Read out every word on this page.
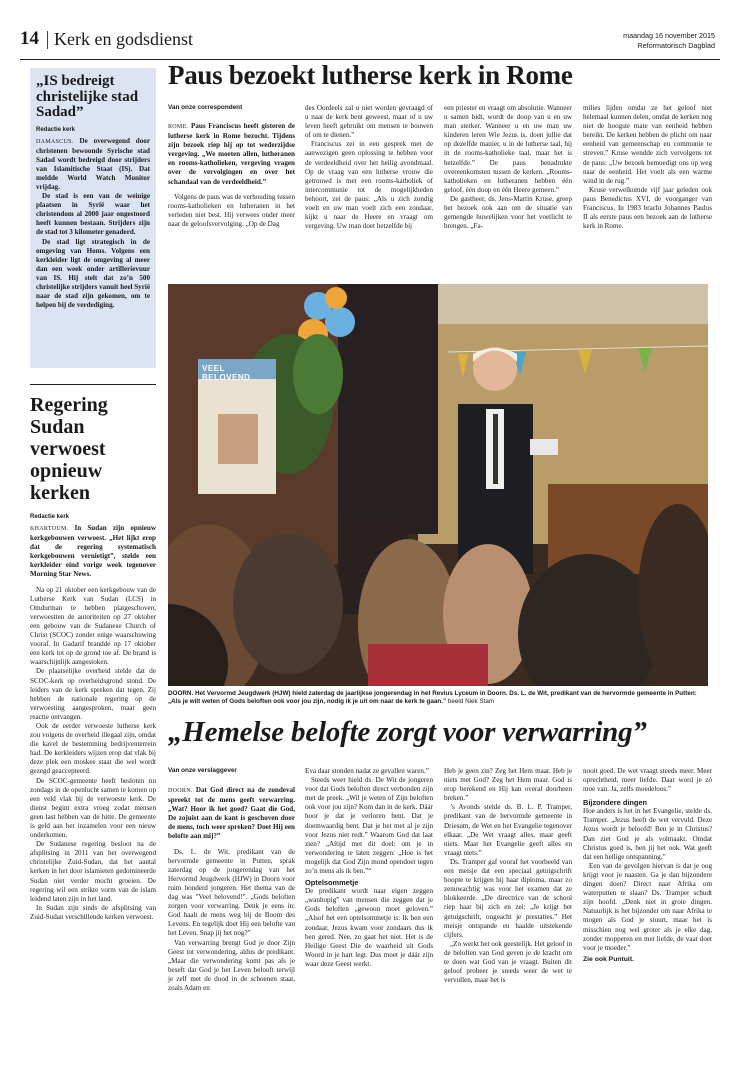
14 Kerk en godsdienst	maandag 16 november 2015
Reformatorisch Dagblad
„IS bedreigt christelijke stad Sadad”
Redactie kerk

DAMASCUS. De overwegend door christenen bewoonde Syrische stad Sadad wordt bedreigd door strijders van Islamitische Staat (IS). Dat meldde World Watch Monitor vrijdag.

De stad is een van de weinige plaatsen in Syrië waar het christendom al 2000 jaar ongestoord heeft kunnen bestaan. Strijders zijn de stad tot 3 kilometer genaderd.

De stad ligt strategisch in de omgeving van Homs. Volgens een kerkleider ligt de omgeving al meer dan een week onder artillerievuur van IS. Hij stelt dat zo’n 500 christelijke strijders vanuit heel Syrië naar de stad zijn gekomen, om te helpen bij de verdediging.

Regering Sudan verwoest opnieuw kerken
Redactie kerk

KHARTOUM. In Sudan zijn opnieuw kerkgebouwen verwoest. „Het lijkt erop dat de regering systematisch kerkgebouwen vernietigt”, stelde een kerkleider eind vorige week tegenover Morning Star News.

Na op 21 oktober een kerkgebouw van de Lutherse Kerk van Sudan (LCS) in Omdurman te hebben platgeschoven, verwoestten de autoriteiten op 27 oktober een gebouw van de Sudanese Church of Christ (SCOC) zonder enige waarschuwing vooraf. In Gadarif brandde op 17 oktober een kerk tot op de grond toe af. De brand is waarschijnlijk aangestoken.

De plaatselijke overheid stelde dat de SCOC-kerk op overheidsgrond stond. De leiders van de kerk spreken dat tegen. Zij hebben de nationale regering op de verwoesting aangesproken, maar geen reactie ontvangen.

Ook de eerder verwoeste lutherse kerk zou volgens de overheid illegaal zijn, omdat die kavel de bestemming bedrijventerrein had. De kerkleiders wijzen erop dat vlak bij deze plek een moskee staat die wel wordt gezegd geaccepteerd.

De SCOC-gemeente heeft besloten nu zondags in de openlucht samen te komen op een veld vlak bij de verwoeste kerk. De dienst begint extra vroeg zodat mensen geen last hebben van de hitte. De gemeente is geld aan het inzamelen voor een nieuw onderkomen.

De Sudanese regering besloot na de afsplitsing in 2011 van het overwegend christelijke Zuid-Sudan, dat het aantal kerken in het door islamieten gedomineerde Sudan niet verder mocht groeien. De regering wil een strikte vorm van de islam leidend laten zijn in het land.

In Sudan zijn sinds de afsplitsing van Zuid-Sudan verschillende kerken verwoest.

Paus bezoekt lutherse kerk in Rome
Van onze correspondent

ROME. Paus Franciscus heeft gisteren de lutherse kerk in Rome bezocht. Tijdens zijn bezoek riep hij op tot wederzijdse vergeving. „We moeten allen, lutheranen en rooms-katholieken, vergeving vragen over de vervolgingen en over het schandaal van de verdeeldheid.”

Volgens de paus was de verhouding tussen rooms-katholieken en lutheranen in het verleden niet best. Hij verwees onder meer naar de geloofsvervolging. „Op de Dag

des Oordeels zal u niet worden gevraagd of u naar de kerk bent geweest, maar of u uw leven heeft gebruikt om mensen te bouwen of om te dienen.”

Franciscus zei in een gesprek met de aanwezigen geen oplossing te hebben voor de verdeeldheid over het heilig avondmaal. Op de vraag van een lutherse vrouw die getrouwd is met een rooms-katholiek of intercommunie tot de mogelijkheden behoort, zei de paus: „Als u zich zondig voelt en uw man voelt zich een zondaar, kijkt u naar de Heere en vraagt om vergeving. Uw man doet hetzelfde bij

een priester en vraagt om absolutie. Wanneer u samen bidt, wordt de doop van u en uw man sterker. Wanneer u en uw man uw kinderen leren Wie Jezus is, doen jullie dat op dezelfde manier, u in de lutherse taal, hij in de rooms-katholieke taal, maar het is hetzelfde.” De paus benadrukte overeenkomsten tussen de kerken. „Rooms-katholieken en lutheranen hebben één geloof, één doop en één Heere gemeen.”

De gastheer, ds. Jens-Martin Kruse, greep het bezoek ook aan om de situatie van gemengde huwelijken voor het voetlicht te brengen. „Fa-

milies lijden omdat ze het geloof niet helemaal kunnen delen, omdat de kerken nog niet de hoogste mate van eenheid hebben bereikt. De kerken hebben de plicht om naar eenheid van gemeenschap en communie te streven.” Kruse wendde zich vervolgens tot de paus: „Uw bezoek bemoedigt ons op weg naar de eenheid. Het voelt als een warme wind in de rug.”

Kruse verwelkomde vijf jaar geleden ook paus Benedictus XVI, de voorganger van Franciscus. In 1983 bracht Johannes Paulus II als eerste paus een bezoek aan de lutherse kerk in Rome.

VEEL BELOVEND
DOORN. Het Vervormd Jeugdwerk (HJW) hield zaterdag de jaarlijkse jongerendag in het Revius Lyceum in Doorn. Ds. L. de Wit, predikant van de hervormde gemeente in Putten: „Als je wilt weten of Gods beloften ook voor jou zijn, nodig ik je uit om naar de kerk te gaan.” beeld Niek Stam
„Hemelse belofte zorgt voor verwarring”
Van onze verslaggever

DOORN. Dat God direct na de zondeval spreekt tot de mens geeft verwarring. „Wat? Hoor ik het goed? Gaat die God, De zojuist aan de kant is geschoven door de mens, toch weer spreken? Doet Hij een belofte aan mij?”

Ds. L. de Wit, predikant van de hervormde gemeente in Putten, sprak zaterdag op de jongerendag van het Hervormd Jeugdwerk (HJW) in Doorn voor ruim honderd jongeren. Het thema van de dag was "Veel belovend!". „Gods beloften zorgen voor verwarring. Denk je eens in: God haalt de mens weg bij de Boom des Levens. En tegelijk doet Hij een belofte van het Leven. Snap jij het nog?”

Van verwarring brengt God je door Zijn Geest tot verwondering, aldus de predikant. „Maar die verwondering komt pas als je beseft dat God je het Leven belooft terwijl je zelf met de dood in de schoenen staat, zoals Adam en

Eva daar stonden nadat ze gevallen waren.”

Steeds weer hield ds. De Wit de jongeren voor dat Gods beloften direct verbonden zijn met de preek. „Wil je weten of Zijn beloften ook voor jou zijn? Kom dan in de kerk. Dáár hoor je dat je verloren bent. Dat je doemwaardig bent. Dat je het met al je zijn voor Jezus niet redt.” Waarom God dat laat zien? „Altijd met dit doel: om je in verwondering te laten zeggen: „Hoe is het mogelijk dat God Zijn mond opendoet tegen zo’n mens als ik ben.”“

Optelsommetje

De predikant wordt naar eigen zeggen „wanhopig” van mensen die zeggen dat je Gods beloften „gewoon moet geloven.” „Alsof het een optelsommetje is: Ik ben een zondaar, Jezus kwam voor zondaars dus ik ben gered. Nee, zo gaat het niet. Het is de Heilige Geest Die de waarheid uit Gods Woord in je hart legt. Dus moet je dáár zijn waar deze Geest werkt.

Heb je geen zin? Zeg het Hem maar. Heb je niets met God? Zeg het Hem maar. God is erop berekend en Hij kan overal doorheen breken.”

’s Avonds stelde ds. B. L. P. Tramper, predikant van de hervormde gemeente in Driesum, de Wet en het Evangelie tegenover elkaar. „De Wet vraagt alles, maar geeft niets. Maar het Evangelie geeft alles en vraagt niets.”

Ds. Tramper gaf vooraf het voorbeeld van een meisje dat een speciaal getuigschrift hoopte te krijgen bij haar diploma, maar zo zenuwachtig was voor het examen dat ze blokkeerde. „De directrice van de school riep haar bij zich en zei: „Je krijgt het getuigschrift, ongeacht je prestaties.” Het meisje ontspande en haalde uitstekende cijfers.

„Zo werkt het ook geestelijk. Het geloof in de beloften van God geven je de kracht om te doen wat God van je vraagt. Buiten dit geloof probeer je steeds weer de wet te vervullen, maar het is

nooit goed. De wet vraagt steeds meer. Meer oprechtheid, meer liefde. Daar word je zó moe van. Ja, zelfs moedeloos.”

Bijzondere dingen

Hoe anders is het in het Evangelie, stelde ds. Tramper. „Jezus heeft de wet vervuld. Deze Jezus wordt je beloofd! Ben je in Christus? Dan ziet God je als volmaakt. Omdat Christus goed is, ben jij het ook. Wat geeft dat een heilige ontspanning.”

Een van de gevolgen hiervan is dat je oog krijgt voor je naasten. Ga je dan bijzondere dingen doen? Direct naar Afrika om waterputten te slaan? Ds. Tramper schudt zijn hoofd. „Denk niet in grote dingen. Natuurlijk is het bijzonder om naar Afrika te mogen als God je stuurt, maar het is misschien nog wel groter als je elke dag, zonder mopperen en met liefde, de vaat doet voor je moeder.”

Zie ook Puntuit.
